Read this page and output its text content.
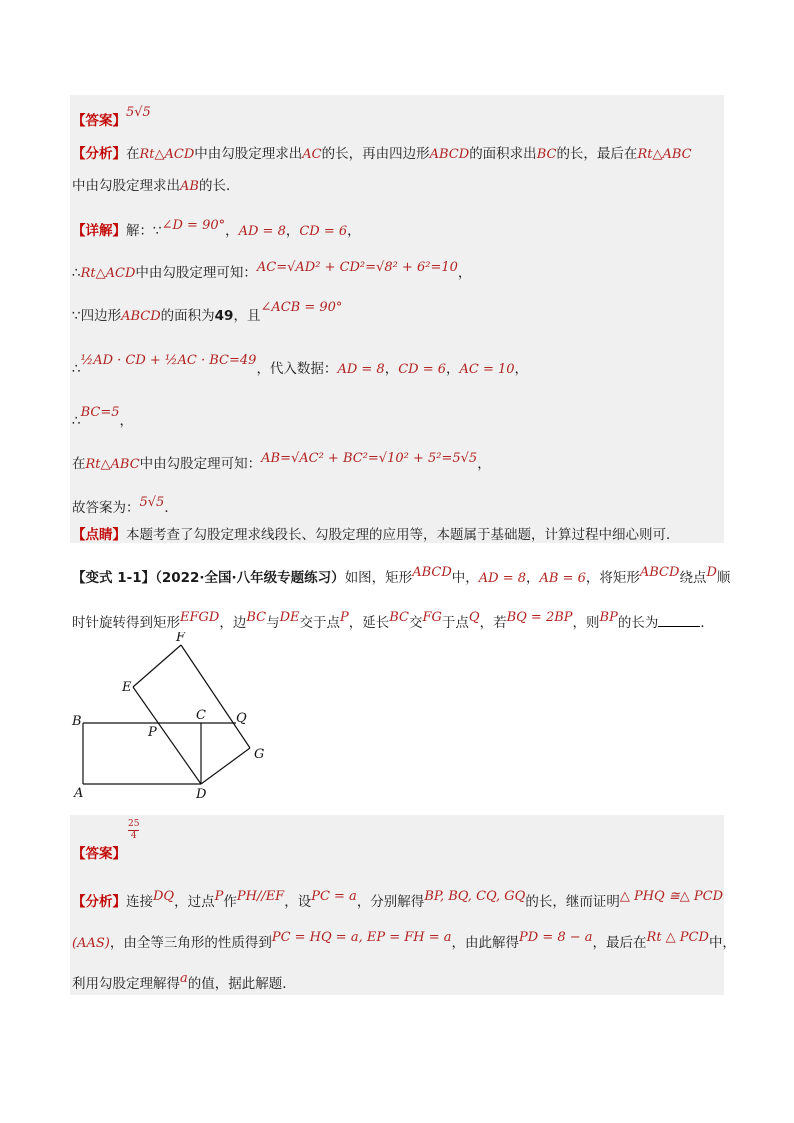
【答案】5√5
【分析】在Rt△ACD中由勾股定理求出AC的长，再由四边形ABCD的面积求出BC的长，最后在Rt△ABC
中由勾股定理求出AB的长．
【详解】解：∵∠D = 90°，AD = 8，CD = 6，
∴Rt△ACD中由勾股定理可知：AC=√AD² + CD²=√8² + 6²=10，
∵四边形ABCD的面积为49，且∠ACB = 90°
∴½AD · CD + ½AC · BC=49，代入数据：AD = 8，CD = 6，AC = 10，
∴BC=5，
在Rt△ABC中由勾股定理可知：AB=√AC² + BC²=√10² + 5²=5√5，
故答案为：5√5．
【点睛】本题考查了勾股定理求线段长、勾股定理的应用等，本题属于基础题，计算过程中细心则可．
【变式 1-1】（2022·全国·八年级专题练习）如图，矩形ABCD中，AD = 8，AB = 6，将矩形ABCD绕点D顺
时针旋转得到矩形EFGD，边BC与DE交于点P，延长BC交FG于点Q，若BQ = 2BP，则BP的长为	．
F
E
B	C Q
P
G
A	D
【答案】
$\frac{25}{4}$
【分析】连接DQ，过点P作PH//EF，设PC = a，分别解得BP, BQ, CQ, GQ的长，继而证明△ PHQ ≅△ PCD
(AAS)，由全等三角形的性质得到PC = HQ = a, EP = FH = a，由此解得PD = 8 − a，最后在Rt △ PCD中，
利用勾股定理解得a的值，据此解题．
